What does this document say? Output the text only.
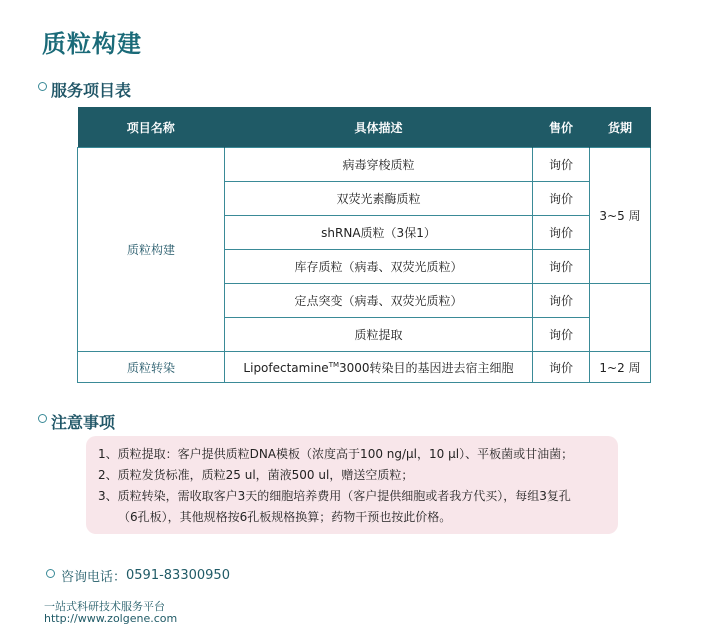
质粒构建
服务项目表
项目名称	具体描述	售价	货期
质粒构建	病毒穿梭质粒	询价	3~5 周
	双荧光素酶质粒	询价	
	shRNA质粒（3保1）	询价	
	库存质粒（病毒、双荧光质粒）	询价	
	定点突变（病毒、双荧光质粒）	询价	
	质粒提取	询价	
质粒转染	Lipofectamine™3000转染目的基因进去宿主细胞	询价	1~2 周
注意事项
1、质粒提取：客户提供质粒DNA模板（浓度高于100 ng/μl，10 μl）、平板菌或甘油菌；
2、质粒发货标准，质粒25 ul，菌液500 ul，赠送空质粒；
3、质粒转染，需收取客户3天的细胞培养费用（客户提供细胞或者我方代买），每组3复孔
（6孔板），其他规格按6孔板规格换算；药物干预也按此价格。
咨询电话： 0591-83300950
一站式科研技术服务平台
http://www.zolgene.com
